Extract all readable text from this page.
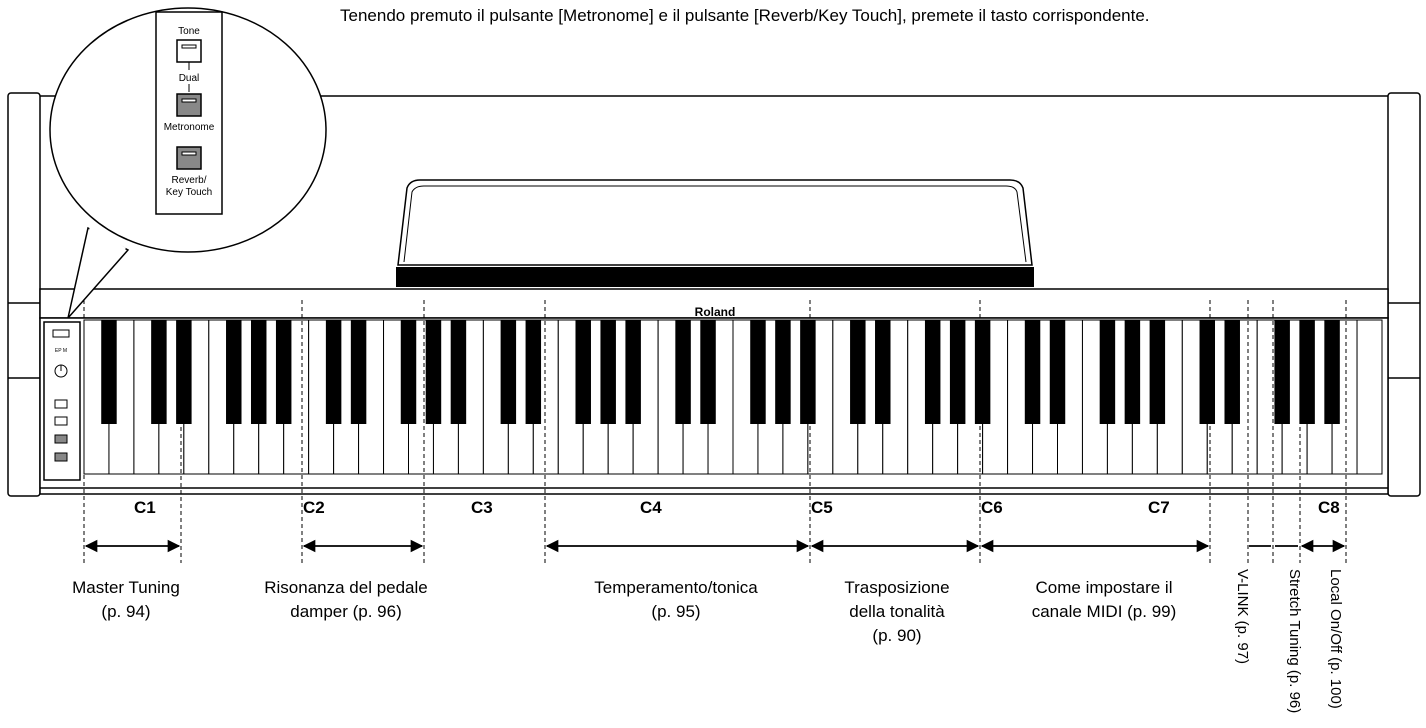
Tenendo premuto il pulsante [Metronome] e il pulsante [Reverb/Key Touch], premete il tasto corrispondente.
Roland
EP M
Tone
Dual
Metronome
Reverb/
Key Touch
C1	C2	C3	C4	C5	C6	C7	C8
Master Tuning
(p. 94)
Risonanza del pedale
damper (p. 96)
Temperamento/tonica
(p. 95)
Trasposizione
della tonalità
(p. 90)
Come impostare il
canale MIDI (p. 99)	V-LINK (p. 97) Stretch Tuning (p. 96) Local On/Off (p. 100)
